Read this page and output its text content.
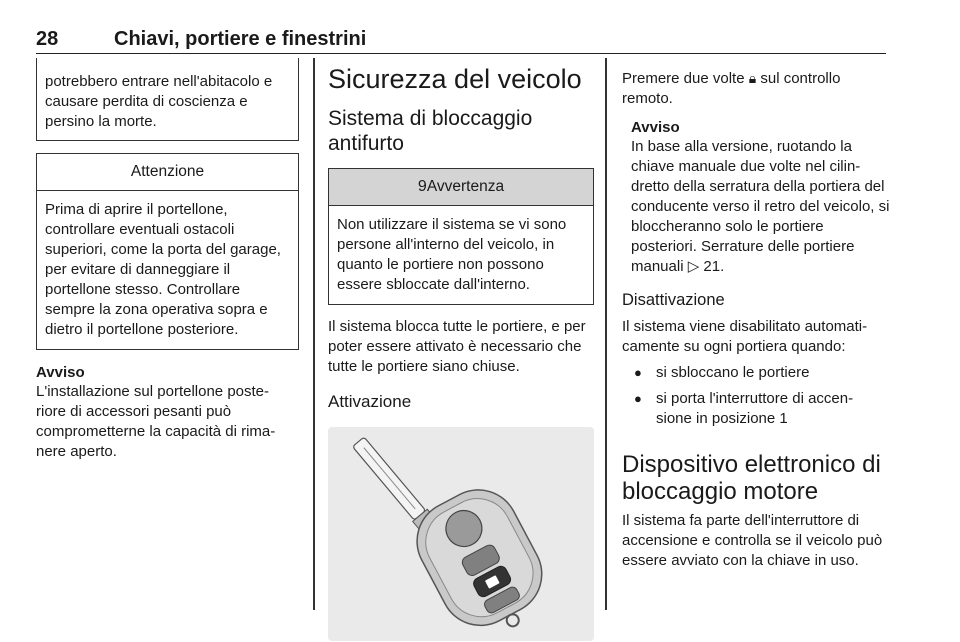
28	Chiavi, portiere e finestrini
potrebbero entrare nell'abitacolo e causare perdita di coscienza e persino la morte.
Attenzione
Prima di aprire il portellone, controllare eventuali ostacoli superiori, come la porta del garage, per evitare di danneggiare il portellone stesso. Controllare sempre la zona operativa sopra e dietro il portellone posteriore.
Avviso
L'installazione sul portellone poste- riore di accessori pesanti può comprometterne la capacità di rima- nere aperto.
Sicurezza del veicolo
Sistema di bloccaggio antifurto
9Avvertenza
Non utilizzare il sistema se vi sono persone all'interno del veicolo, in quanto le portiere non possono essere sbloccate dall'interno.

Il sistema blocca tutte le portiere, e per poter essere attivato è necessario che tutte le portiere siano chiuse.

Attivazione

Premere due volte 🔒︎ sul controllo remoto.

Avviso
In base alla versione, ruotando la chiave manuale due volte nel cilin- dretto della serratura della portiera del conducente verso il retro del veicolo, si bloccheranno solo le portiere posteriori. Serrature delle portiere manuali ▷ 21.
Disattivazione

Il sistema viene disabilitato automati- camente su ogni portiera quando:

● si sbloccano le portiere
● si porta l'interruttore di accen- sione in posizione 1
Dispositivo elettronico di bloccaggio motore

Il sistema fa parte dell'interruttore di accensione e controlla se il veicolo può essere avviato con la chiave in uso.
